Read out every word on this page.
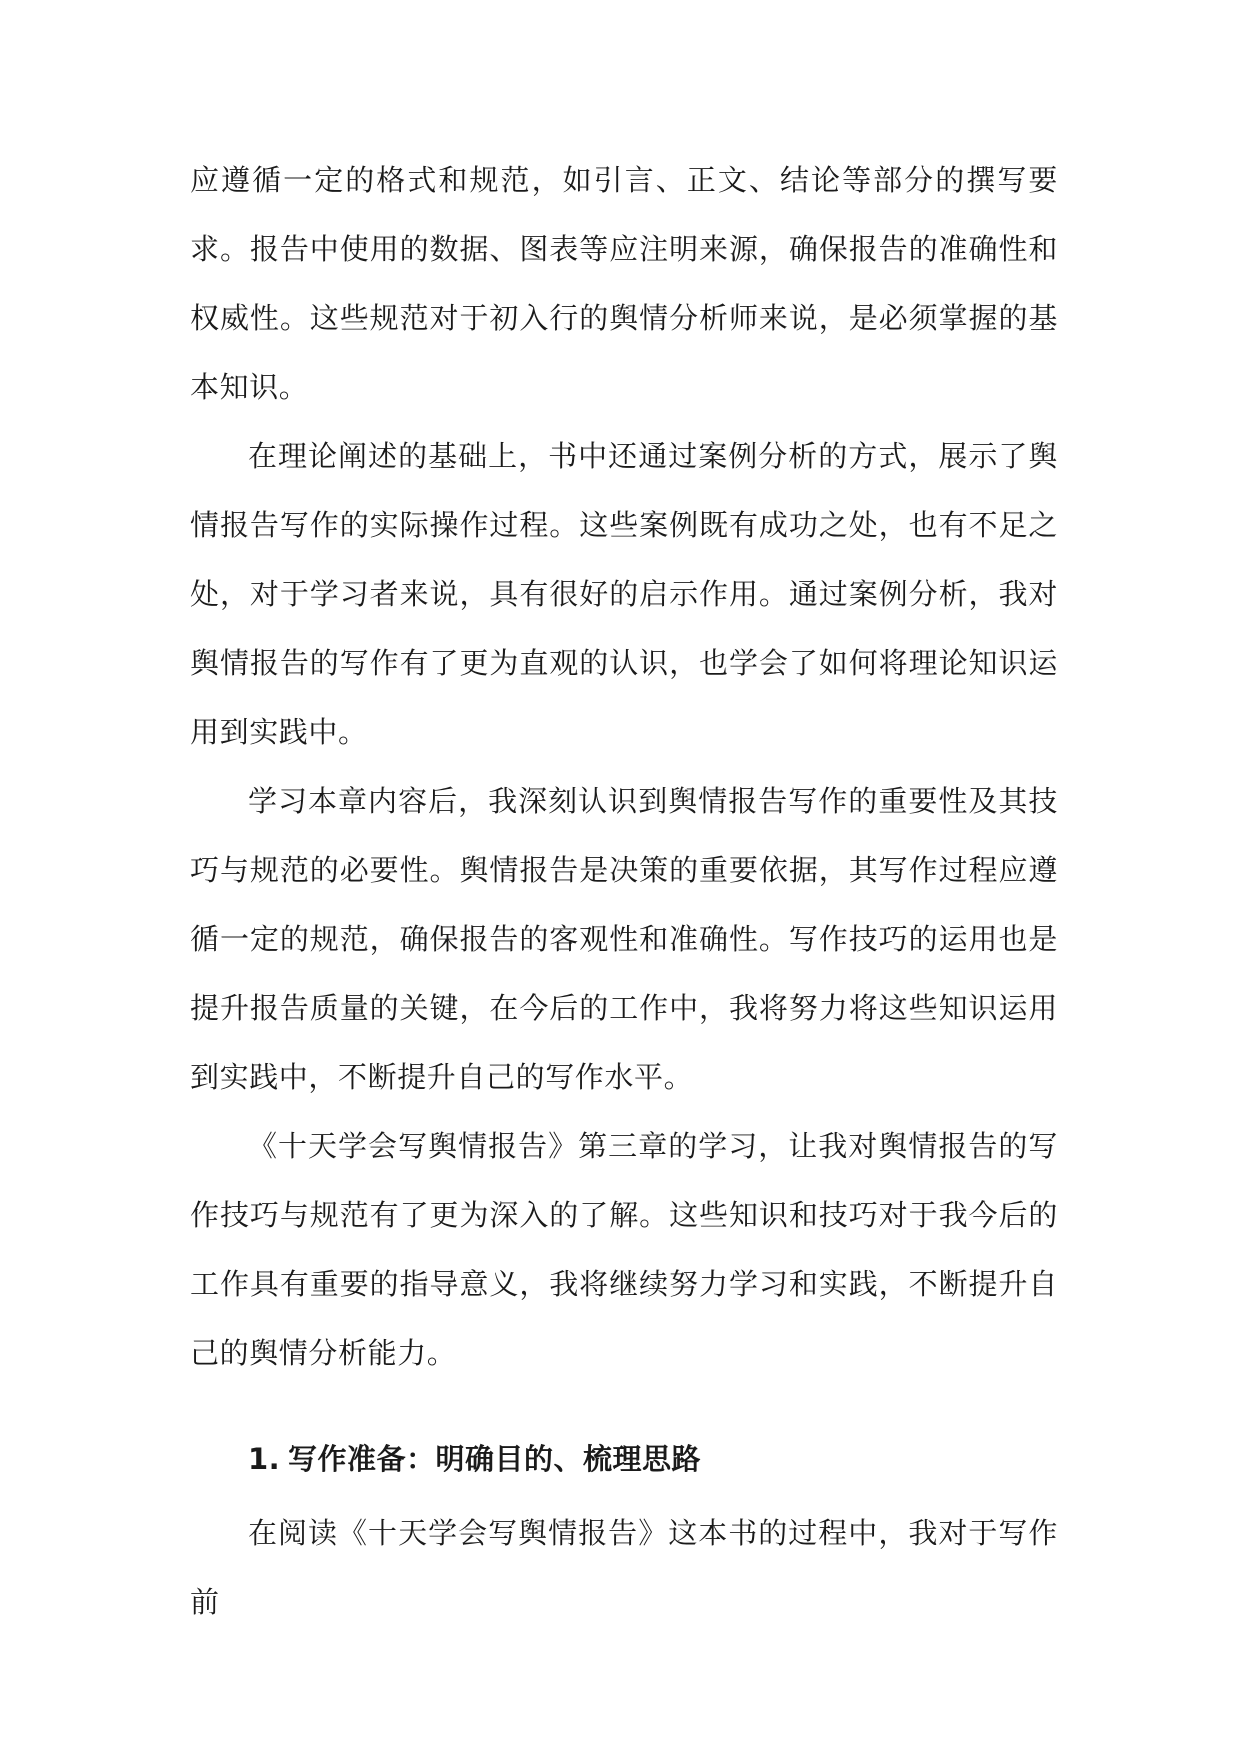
应遵循一定的格式和规范，如引言、正文、结论等部分的撰写要求。报告中使用的数据、图表等应注明来源，确保报告的准确性和权威性。这些规范对于初入行的舆情分析师来说，是必须掌握的基本知识。

在理论阐述的基础上，书中还通过案例分析的方式，展示了舆情报告写作的实际操作过程。这些案例既有成功之处，也有不足之处，对于学习者来说，具有很好的启示作用。通过案例分析，我对舆情报告的写作有了更为直观的认识，也学会了如何将理论知识运用到实践中。

学习本章内容后，我深刻认识到舆情报告写作的重要性及其技巧与规范的必要性。舆情报告是决策的重要依据，其写作过程应遵循一定的规范，确保报告的客观性和准确性。写作技巧的运用也是提升报告质量的关键，在今后的工作中，我将努力将这些知识运用到实践中，不断提升自己的写作水平。

《十天学会写舆情报告》第三章的学习，让我对舆情报告的写作技巧与规范有了更为深入的了解。这些知识和技巧对于我今后的工作具有重要的指导意义，我将继续努力学习和实践，不断提升自己的舆情分析能力。

1. 写作准备：明确目的、梳理思路

在阅读《十天学会写舆情报告》这本书的过程中，我对于写作前
